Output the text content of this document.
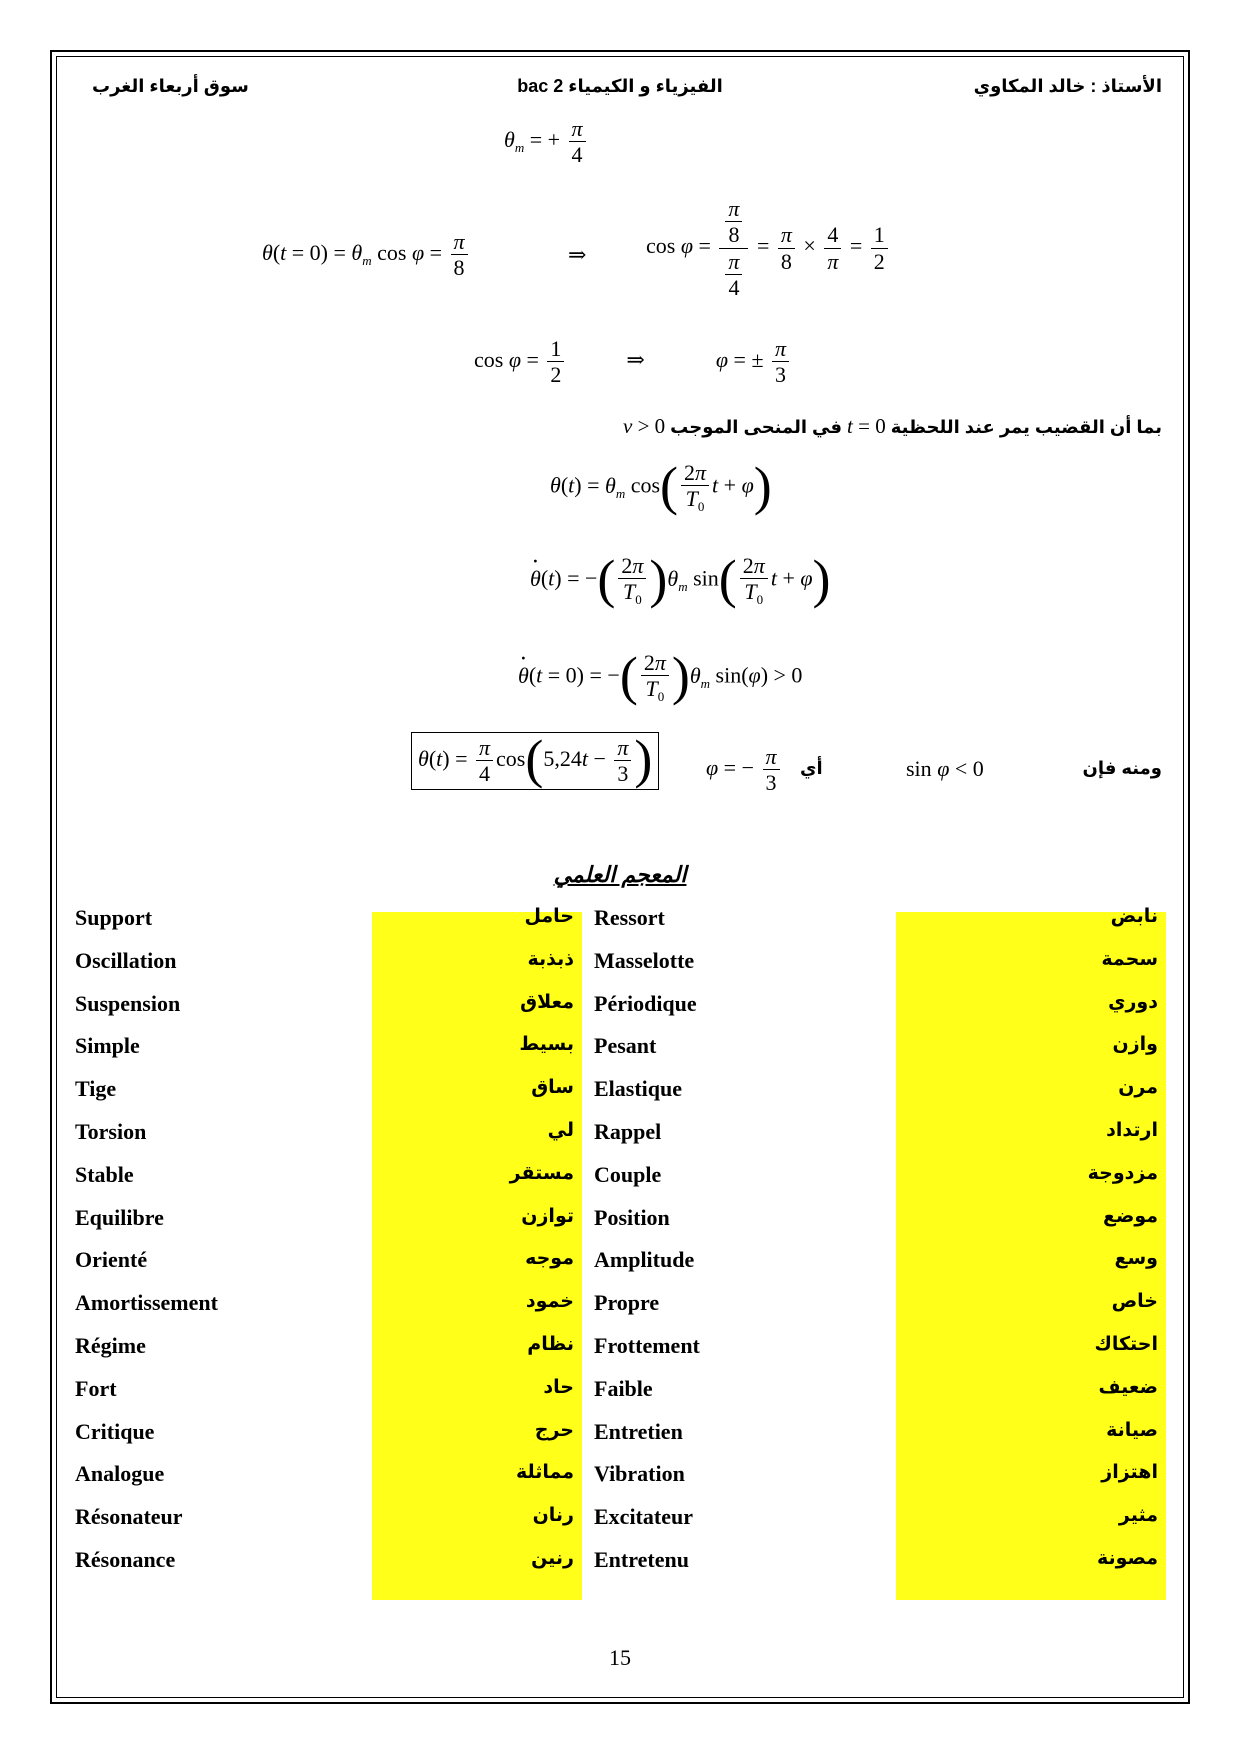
الأستاذ : خالد المكاوي
الفيزياء و الكيمياء 2 bac
سوق أربعاء الغرب
$\theta_m$ = + $\frac{\pi}{4}$
$\theta(t = 0) = \theta_m$ $\cos \varphi = \frac{\pi}{8}$	⇒	$\cos \varphi = \frac{\frac{\pi}{8}}{\frac{\pi}{4}} = \frac{\pi}{8} \times \frac{4}{\pi} = \frac{1}{2}$
$\cos \varphi = \frac{1}{2}$	⇒	φ = ± $\frac{\pi}{3}$
بما أن القضيب يمر عند اللحظية t = 0 في المنحى الموجب v > 0
$\theta(t) = \theta_m$ $\cos( \frac{2\pi}{T_0}$ t + φ)
· θ(t) = −( $\frac{2\pi}{T_0} )\theta_m$ $\sin( \frac{2\pi}{T_0}$ t + φ)
· θ(t = 0) = −( $\frac{2\pi}{T_0} )\theta_m$ sin(φ) > 0
ومنه فإن
sin φ < 0
أي
φ = − $\frac{\pi}{3}$
$\theta(t) = \frac{\pi}{4} \cos(5,24t - \frac{\pi}{3}$ )
المعجم العلمي
Support	حامل Ressort	نابض
Oscillation	ذبذبة Masselotte	سحمة
Suspension	معلاق Périodique	دوري
Simple	بسيط Pesant	وازن
Tige	ساق Elastique	مرن
Torsion	لي Rappel	ارتداد
Stable	مستقر Couple	مزدوجة
Equilibre	توازن Position	موضع
Orienté	موجه Amplitude	وسع
Amortissement	خمود Propre	خاص
Régime	نظام Frottement	احتكاك
Fort	حاد Faible	ضعيف
Critique	حرج Entretien	صيانة
Analogue	مماثلة Vibration	اهتزاز
Résonateur	رنان Excitateur	مثير
Résonance	رنين Entretenu	مصونة
15
